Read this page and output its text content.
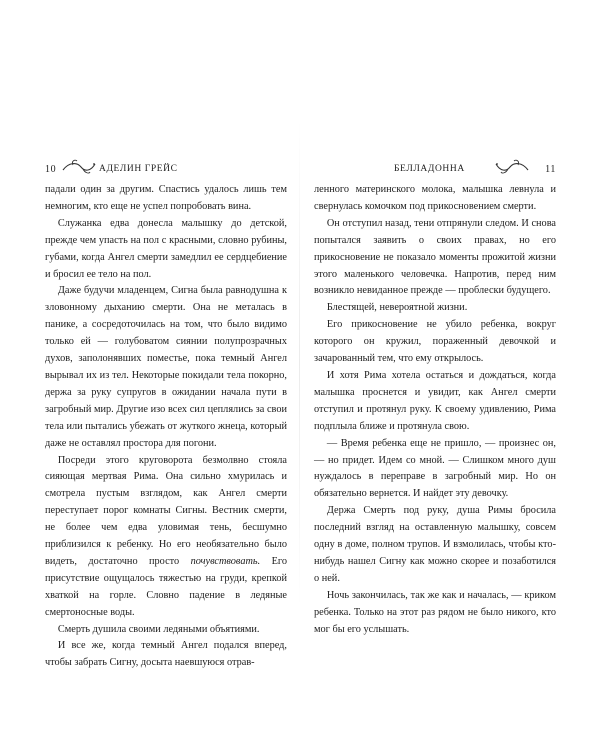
10	АДЕЛИН ГРЕЙС

падали один за другим. Спастись удалось лишь тем немногим, кто еще не успел попробовать вина.

Служанка едва донесла малышку до детской, прежде чем упасть на пол с красными, словно рубины, губами, когда Ангел смерти замедлил ее сердцебиение и бросил ее тело на пол.

Даже будучи младенцем, Сигна была равнодушна к зловонному дыханию смерти. Она не металась в панике, а сосредоточилась на том, что было видимо только ей — голубоватом сиянии полупрозрачных духов, заполонявших поместье, пока темный Ангел вырывал их из тел. Некоторые покидали тела покорно, держа за руку супругов в ожидании начала пути в загробный мир. Другие изо всех сил цеплялись за свои тела или пытались убежать от жуткого жнеца, который даже не оставлял простора для погони.

Посреди этого круговорота безмолвно стояла сияющая мертвая Рима. Она сильно хмурилась и смотрела пустым взглядом, как Ангел смерти переступает порог комнаты Сигны. Вестник смерти, не более чем едва уловимая тень, бесшумно приблизился к ребенку. Но его необязательно было видеть, достаточно просто почувствовать. Его присутствие ощущалось тяжестью на груди, крепкой хваткой на горле. Словно падение в ледяные смертоносные воды.

Смерть душила своими ледяными объятиями.

И все же, когда темный Ангел подался вперед, чтобы забрать Сигну, досыта наевшуюся отрав-

БЕЛЛАДОННА	11

ленного материнского молока, малышка левнула и свернулась комочком под прикосновением смерти.

Он отступил назад, тени отпрянули следом. И снова попытался заявить о своих правах, но его прикосновение не показало моменты прожитой жизни этого маленького человечка. Напротив, перед ним возникло невиданное прежде — проблески будущего.

Блестящей, невероятной жизни.

Его прикосновение не убило ребенка, вокруг которого он кружил, пораженный девочкой и зачарованный тем, что ему открылось.

И хотя Рима хотела остаться и дождаться, когда малышка проснется и увидит, как Ангел смерти отступил и протянул руку. К своему удивлению, Рима подплыла ближе и протянула свою.

— Время ребенка еще не пришло, — произнес он, — но придет. Идем со мной. — Слишком много душ нуждалось в переправе в загробный мир. Но он обязательно вернется. И найдет эту девочку.

Держа Смерть под руку, душа Римы бросила последний взгляд на оставленную малышку, совсем одну в доме, полном трупов. И взмолилась, чтобы кто-нибудь нашел Сигну как можно скорее и позаботился о ней.

Ночь закончилась, так же как и началась, — криком ребенка. Только на этот раз рядом не было никого, кто мог бы его услышать.
